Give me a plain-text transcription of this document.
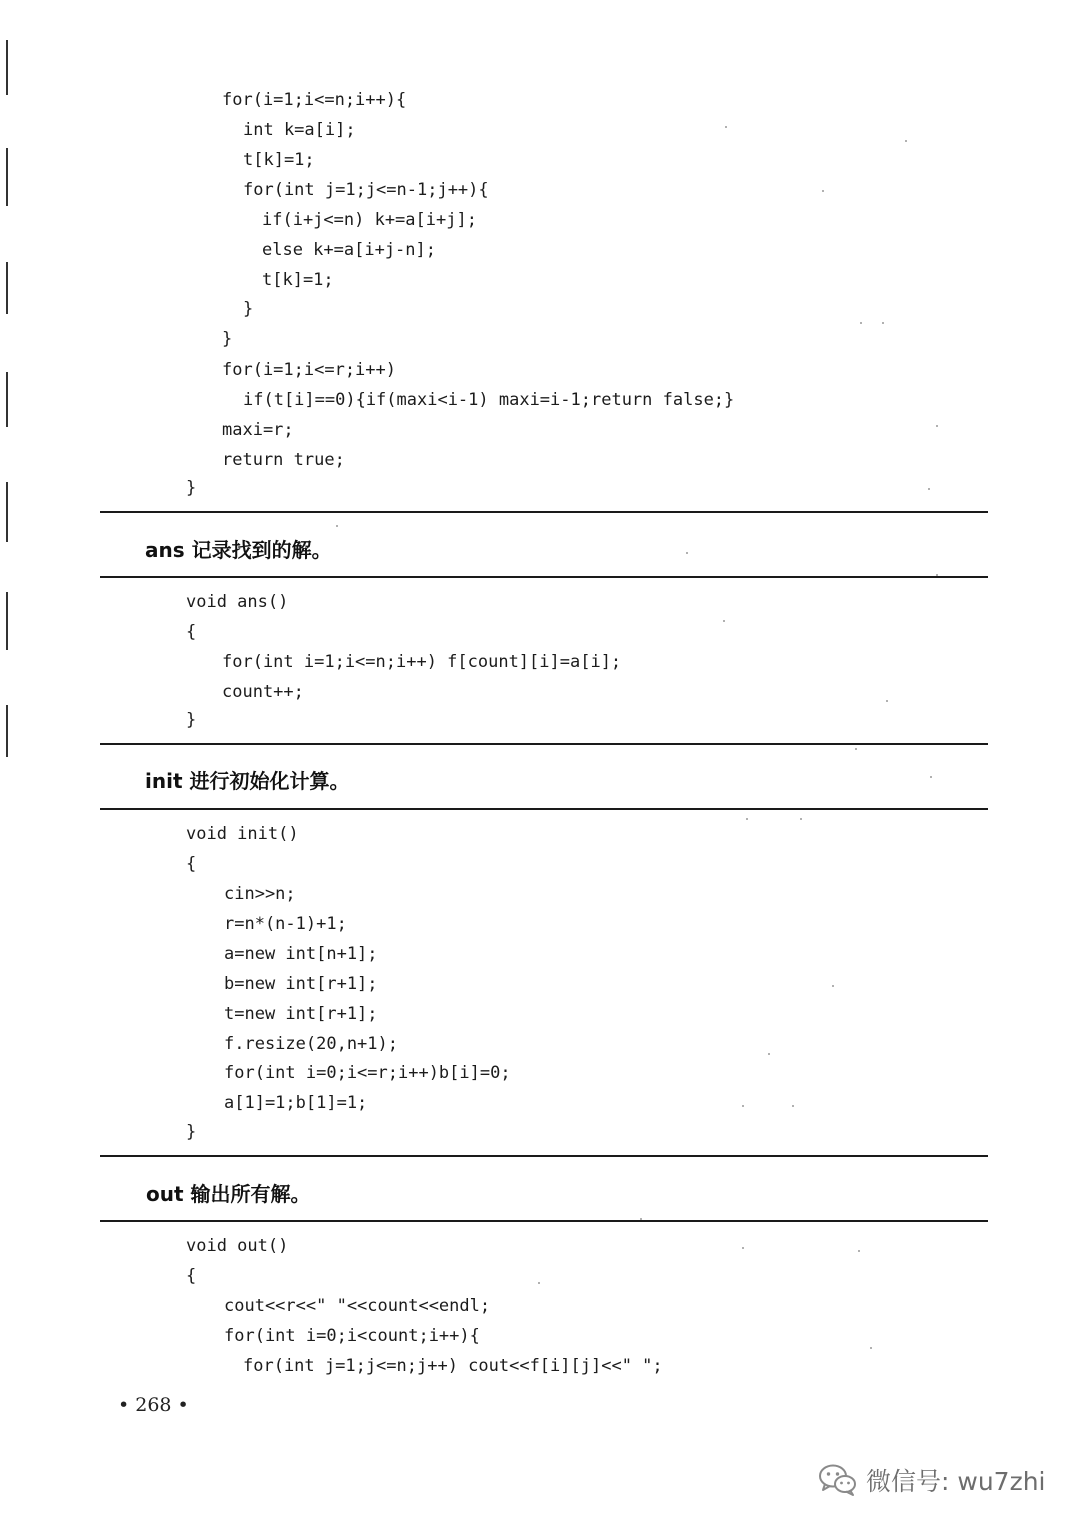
for(i=1;i<=n;i++){
int k=a[i];
t[k]=1;
for(int j=1;j<=n-1;j++){
if(i+j<=n) k+=a[i+j];
else k+=a[i+j-n];
t[k]=1;
}
}
for(i=1;i<=r;i++)
if(t[i]==0){if(maxi<i-1) maxi=i-1;return false;}
maxi=r;
return true;
}
ans 记录找到的解。
void ans()
{
for(int i=1;i<=n;i++) f[count][i]=a[i];
count++;
}
init 进行初始化计算。
void init()
{
cin>>n;
r=n*(n-1)+1;
a=new int[n+1];
b=new int[r+1];
t=new int[r+1];
f.resize(20,n+1);
for(int i=0;i<=r;i++)b[i]=0;
a[1]=1;b[1]=1;
}
out 输出所有解。
void out()
{
cout<<r<<" "<<count<<endl;
for(int i=0;i<count;i++){
for(int j=1;j<=n;j++) cout<<f[i][j]<<" ";
• 268 •
微信号: wu7zhi
